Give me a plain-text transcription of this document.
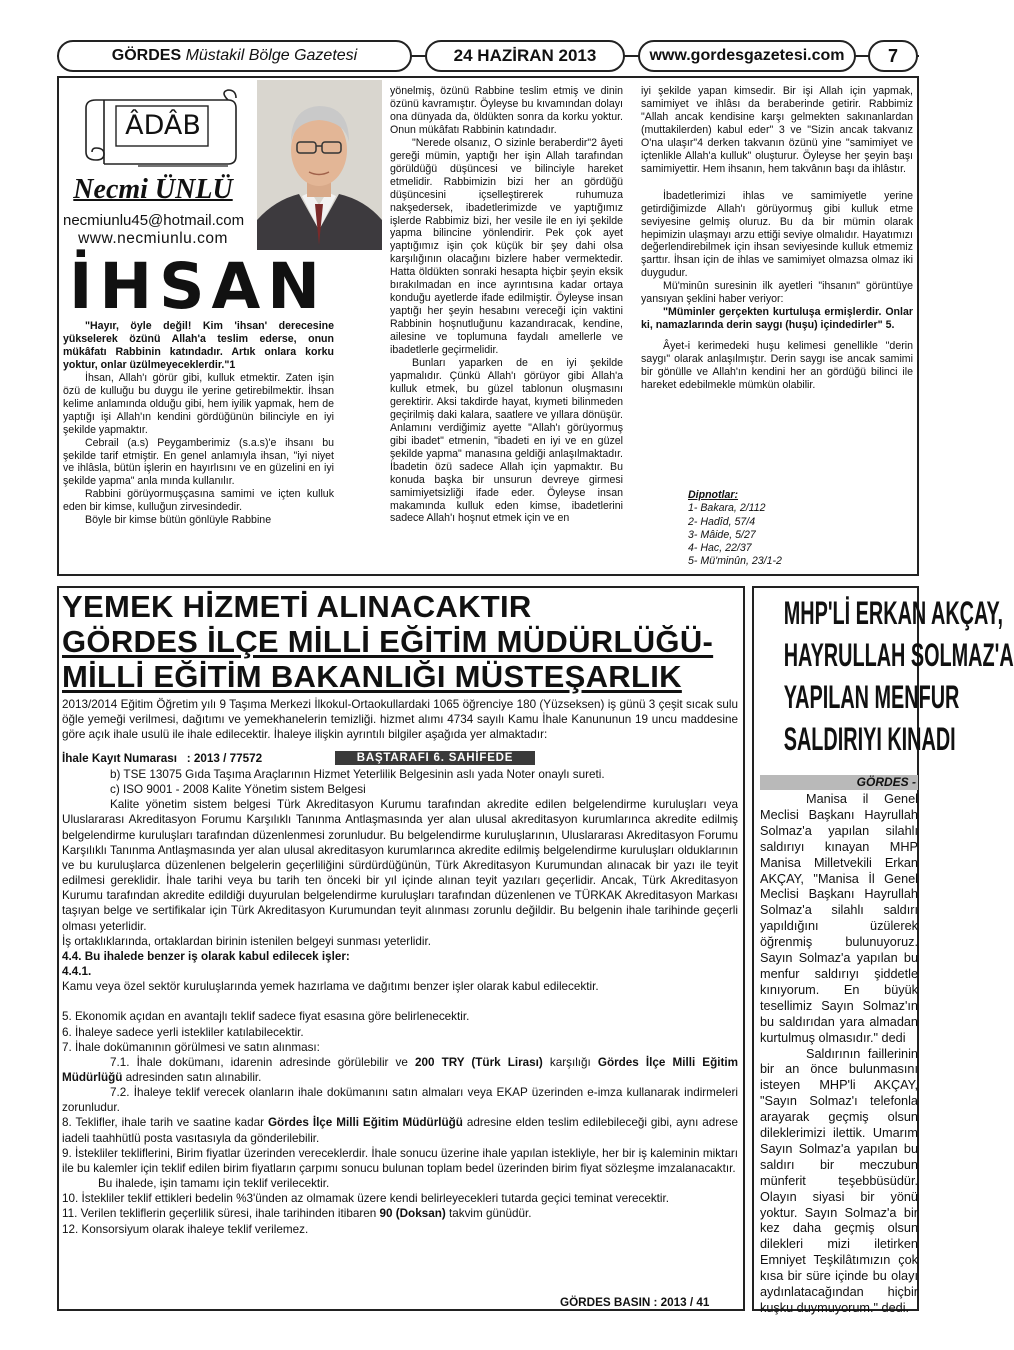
GÖRDES
Müstakil Bölge Gazetesi	24 HAZİRAN 2013	www.gordesgazetesi.com	7
ÂDÂB
Necmi ÜNLÜ
necmiunlu45@hotmail.com
www.necmiunlu.com
İHSAN

"Hayır, öyle değil! Kim 'ihsan' derecesine yükselerek özünü Allah'a teslim ederse, onun mükâfatı Rabbinin katındadır. Artık onlara korku yoktur, onlar üzülmeyeceklerdir."1

İhsan, Allah'ı görür gibi, kulluk etmektir. Zaten işin özü de kulluğu bu duygu ile yerine getirebilmektir. İhsan kelime anlamında olduğu gibi, hem iyilik yapmak, hem de yaptığı işi Allah'ın kendini gördüğünün bilinciyle en iyi şekilde yapmaktır.

Cebrail (a.s) Peygamberimiz (s.a.s)'e ihsanı bu şekilde tarif etmiştir. En genel anlamıyla ihsan, "iyi niyet ve ihlâsla, bütün işlerin en hayırlısını ve en güzelini en iyi şekilde yapma" anla mında kullanılır.

Rabbini görüyormuşçasına samimi ve içten kulluk eden bir kimse, kulluğun zirvesindedir.

Böyle bir kimse bütün gönlüyle Rabbine

yönelmiş, özünü Rabbine teslim etmiş ve dinin özünü kavramıştır. Öyleyse bu kıvamından dolayı ona dünyada da, öldükten sonra da korku yoktur. Onun mükâfatı Rabbinin katındadır.

"Nerede olsanız, O sizinle beraberdir"2 âyeti gereği mümin, yaptığı her işin Allah tarafından görüldüğü düşüncesi ve bilinciyle hareket etmelidir. Rabbimizin bizi her an gördüğü düşüncesini içselleştirerek ruhumuza nakşedersek, ibadetlerimizde ve yaptığımız işlerde Rabbimiz bizi, her vesile ile en iyi şekilde yapma bilincine yönlendirir. Pek çok ayet yaptığımız işin çok küçük bir şey dahi olsa karşılığının olacağını bizlere haber vermektedir. Hatta öldükten sonraki hesapta hiçbir şeyin eksik bırakılmadan en ince ayrıntısına kadar ortaya konduğu ayetlerde ifade edilmiştir. Öyleyse insan yaptığı her şeyin hesabını vereceği için vaktini Rabbinin hoşnutluğunu kazandıracak, kendine, ailesine ve toplumuna faydalı amellerle ve ibadetlerle geçirmelidir.

Bunları yaparken de en iyi şekilde yapmalıdır. Çünkü Allah'ı görüyor gibi Allah'a kulluk etmek, bu güzel tablonun oluşmasını gerektirir. Aksi takdirde hayat, kıymeti bilinmeden geçirilmiş daki kalara, saatlere ve yıllara dönüşür. Anlamını verdiğimiz ayette "Allah'ı görüyormuş gibi ibadet" etmenin, "ibadeti en iyi ve en güzel şekilde yapma" manasına geldiği anlaşılmaktadır. İbadetin özü sadece Allah için yapmaktır. Bu konuda başka bir unsurun devreye girmesi samimiyetsizliği ifade eder. Öyleyse insan makamında kulluk eden kimse, ibadetlerini sadece Allah'ı hoşnut etmek için ve en

iyi şekilde yapan kimsedir. Bir işi Allah için yapmak, samimiyet ve ihlâsı da beraberinde getirir. Rabbimiz "Allah ancak kendisine karşı gelmekten sakınanlardan (muttakilerden) kabul eder" 3 ve "Sizin ancak takvanız O'na ulaşır"4 derken takvanın özünü yine "samimiyet ve içtenlikle Allah'a kulluk" oluşturur. Öyleyse her şeyin başı samimiyettir. Hem ihsanın, hem takvânın başı da ihlâstır.

İbadetlerimizi ihlas ve samimiyetle yerine getirdiğimizde Allah'ı görüyormuş gibi kulluk etme seviyesine gelmiş oluruz. Bu da bir mümin olarak hepimizin ulaşmayı arzu ettiği seviye olmalıdır. Hayatımızı değerlendirebilmek için ihsan seviyesinde kulluk etmemiz şarttır. İhsan için de ihlas ve samimiyet olmazsa olmaz iki duygudur.

Mü'minûn suresinin ilk ayetleri "ihsanın" görüntüye yansıyan şeklini haber veriyor:

"Müminler gerçekten kurtuluşa ermişlerdir. Onlar ki, namazlarında derin saygı (huşu) içindedirler" 5.

Âyet-i kerimedeki huşu kelimesi genellikle "derin saygı" olarak anlaşılmıştır. Derin saygı ise ancak samimi bir gönülle ve Allah'ın kendini her an gördüğü bilinci ile hareket edebilmekle mümkün olabilir.

Dipnotlar:

1- Bakara, 2/112

2- Hadîd, 57/4

3- Mâide, 5/27

4- Hac, 22/37

5- Mü'minûn, 23/1-2

YEMEK HİZMETİ ALINACAKTIR
GÖRDES İLÇE MİLLİ EĞİTİM MÜDÜRLÜĞÜ-
MİLLİ EĞİTİM BAKANLIĞI MÜSTEŞARLIK

2013/2014 Eğitim Öğretim yılı 9 Taşıma Merkezi İlkokul-Ortaokullardaki 1065 öğrenciye 180 (Yüzseksen) iş günü 3 çeşit sıcak sulu öğle yemeği verilmesi, dağıtımı ve yemekhanelerin temizliği. hizmet alımı 4734 sayılı Kamu İhale Kanununun 19 uncu maddesine göre açık ihale usulü ile ihale edilecektir. İhaleye ilişkin ayrıntılı bilgiler aşağıda yer almaktadır:

İhale Kayıt Numarası   : 2013 / 77572	BAŞTARAFI 6. SAHİFEDE

b) TSE 13075 Gıda Taşıma Araçlarının Hizmet Yeterlilik Belgesinin aslı yada Noter onaylı sureti.

c) ISO 9001 - 2008 Kalite Yönetim sistem Belgesi

Kalite yönetim sistem belgesi Türk Akreditasyon Kurumu tarafından akredite edilen belgelendirme kuruluşları veya Uluslararası Akreditasyon Forumu Karşılıklı Tanınma Antlaşmasında yer alan ulusal akreditasyon kurumlarınca akredite edilmiş belgelendirme kuruluşları tarafından düzenlenmesi zorunludur. Bu belgelendirme kuruluşlarının, Uluslararası Akreditasyon Forumu Karşılıklı Tanınma Antlaşmasında yer alan ulusal akreditasyon kurumlarınca akredite edilmiş belgelendirme kuruluşları olduklarının ve bu kuruluşlarca düzenlenen belgelerin geçerliliğini sürdürdüğünün, Türk Akreditasyon Kurumundan alınacak bir yazı ile teyit edilmesi gereklidir. İhale tarihi veya bu tarih ten önceki bir yıl içinde alınan teyit yazıları geçerlidir. Ancak, Türk Akreditasyon Kurumu tarafından akredite edildiği duyurulan belgelendirme kuruluşları tarafından düzenlenen ve TÜRKAK Akreditasyon Markası taşıyan belge ve sertifikalar için Türk Akreditasyon Kurumundan teyit alınması zorunlu değildir. Bu belgenin ihale tarihinde geçerli olması yeterlidir.

İş ortaklıklarında, ortaklardan birinin istenilen belgeyi sunması yeterlidir.

4.4. Bu ihalede benzer iş olarak kabul edilecek işler:

4.4.1.

Kamu veya özel sektör kuruluşlarında yemek hazırlama ve dağıtımı benzer işler olarak kabul edilecektir.

5. Ekonomik açıdan en avantajlı teklif sadece fiyat esasına göre belirlenecektir.

6. İhaleye sadece yerli istekliler katılabilecektir.

7. İhale dokümanının görülmesi ve satın alınması:

7.1. İhale dokümanı, idarenin adresinde görülebilir ve 200 TRY (Türk Lirası) karşılığı Gördes İlçe Milli Eğitim Müdürlüğü adresinden satın alınabilir.

7.2. İhaleye teklif verecek olanların ihale dokümanını satın almaları veya EKAP üzerinden e-imza kullanarak indirmeleri zorunludur.

8. Teklifler, ihale tarih ve saatine kadar Gördes İlçe Milli Eğitim Müdürlüğü adresine elden teslim edilebileceği gibi, aynı adrese iadeli taahhütlü posta vasıtasıyla da gönderilebilir.

9. İstekliler tekliflerini, Birim fiyatlar üzerinden vereceklerdir. İhale sonucu üzerine ihale yapılan istekliyle, her bir iş kaleminin miktarı ile bu kalemler için teklif edilen birim fiyatların çarpımı sonucu bulunan toplam bedel üzerinden birim fiyat sözleşme imzalanacaktır.

Bu ihalede, işin tamamı için teklif verilecektir.

10. İstekliler teklif ettikleri bedelin %3'ünden az olmamak üzere kendi belirleyecekleri tutarda geçici teminat verecektir.

11. Verilen tekliflerin geçerlilik süresi, ihale tarihinden itibaren 90 (Doksan) takvim günüdür.

12. Konsorsiyum olarak ihaleye teklif verilemez.

GÖRDES BASIN : 2013 / 41
MHP'Lİ ERKAN AKÇAY,
HAYRULLAH SOLMAZ'A
YAPILAN MENFUR
SALDIRIYI KINADI
GÖRDES -

Manisa il Genel Meclisi Başkanı Hayrullah Solmaz'a yapılan silahlı saldırıyı kınayan MHP Manisa Milletvekili Erkan AKÇAY, "Manisa İl Genel Meclisi Başkanı Hayrullah Solmaz'a silahlı saldırı yapıldığını üzülerek öğrenmiş bulunuyoruz. Sayın Solmaz'a yapılan bu menfur saldırıyı şiddetle kınıyorum. En büyük tesellimiz Sayın Solmaz'ın bu saldırıdan yara almadan kurtulmuş olmasıdır." dedi

Saldırının faillerinin bir an önce bulunmasını isteyen MHP'li AKÇAY, "Sayın Solmaz'ı telefonla arayarak geçmiş olsun dileklerimizi ilettik. Umarım Sayın Solmaz'a yapılan bu saldırı bir meczubun münferit teşebbüsüdür. Olayın siyasi bir yönü yoktur. Sayın Solmaz'a bir kez daha geçmiş olsun dilekleri mizi iletirken Emniyet Teşkilâtımızın çok kısa bir süre içinde bu olayı aydınlatacağından hiçbir kuşku duymuyorum." dedi.
